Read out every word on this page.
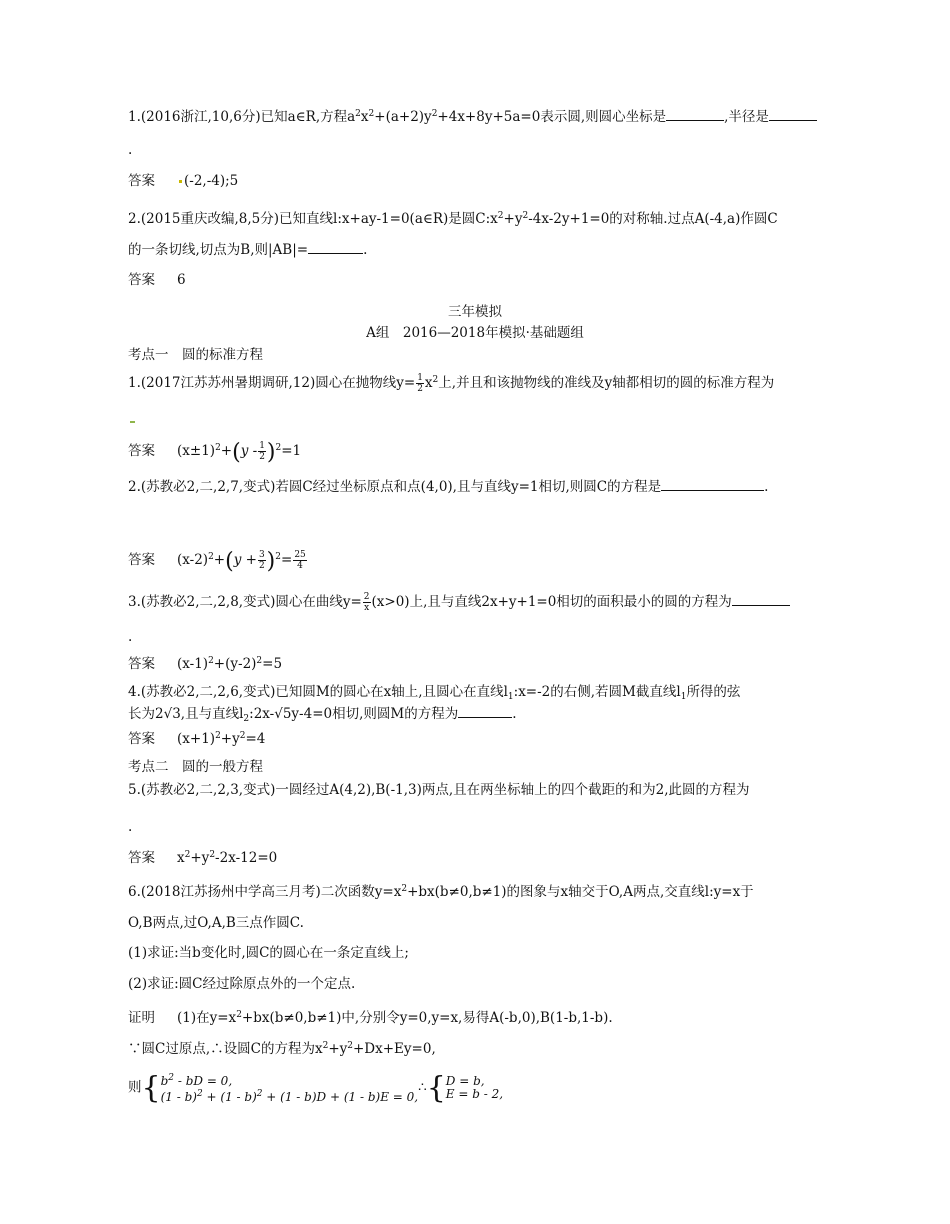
1.(2016浙江,10,6分)已知a∈R,方程$a^2x^2+(a+2)y^2+4x+8y+5a=0$表示圆,则圆心坐标是	,半径是
.
答案 (-2,-4);5
2.(2015重庆改编,8,5分)已知直线l:x+ay-1=0(a∈R)是圆$C:x^2+y^2-4x-2y+1=0$的对称轴.过点A(-4,a)作圆C
的一条切线,切点为B,则|AB|=	.
答案 6
三年模拟
A组　2016—2018年模拟·基础题组
考点一　圆的标准方程
1.(2017江苏苏州暑期调研,12)圆心在抛物线$y= \frac{1}{2} x^2$上,并且和该抛物线的准线及y轴都相切的圆的标准方程为
答案 $(x\pm 1)^2+(y - \frac{1}{2} )^2=1$
2.(苏教必2,二,2,7,变式)若圆C经过坐标原点和点(4,0),且与直线y=1相切,则圆C的方程是	.
答案 $(x-2)^2+(y + \frac{3}{2} )^2= \frac{25}{4}$
3.(苏教必2,二,2,8,变式)圆心在曲线$y= \frac{2}{x} (x>0)$上,且与直线2x+y+1=0相切的面积最小的圆的方程为
.
答案 $(x-1)^2+(y-2)^2=5$
4.(苏教必2,二,2,6,变式)已知圆M的圆心在x轴上,且圆心在直线$l_1:x=-2$的右侧,若圆M截直线$l_1$所得的弦
长为2√3,且与直线$l_2:2x-√5y-4=0$相切,则圆M的方程为	.
答案 $(x+1)^2+y^2=4$
考点二　圆的一般方程
5.(苏教必2,二,2,3,变式)一圆经过A(4,2),B(-1,3)两点,且在两坐标轴上的四个截距的和为2,此圆的方程为
.
答案 $x^2+y^2-2x-12=0$
6.(2018江苏扬州中学高三月考)二次函数$y=x^2+bx(b\ne 0,b\ne 1)$的图象与x轴交于O,A两点,交直线l:y=x于
O,B两点,过O,A,B三点作圆C.
(1)求证:当b变化时,圆C的圆心在一条定直线上;
(2)求证:圆C经过除原点外的一个定点.
证明 (1)在$y=x^2+bx(b\ne 0,b\ne 1)$中,分别令y=0,y=x,易得A(-b,0),B(1-b,1-b).
∵圆C过原点,∴设圆C的方程为$x^2+y^2+Dx+Ey=0$,
则{ $b^2$ - bD = 0,
(1 - b)$^2$ + (1 - b)$^2$ + (1 - b)D + (1 - b)E = 0,
∴{ D = b,
E = b - 2,
